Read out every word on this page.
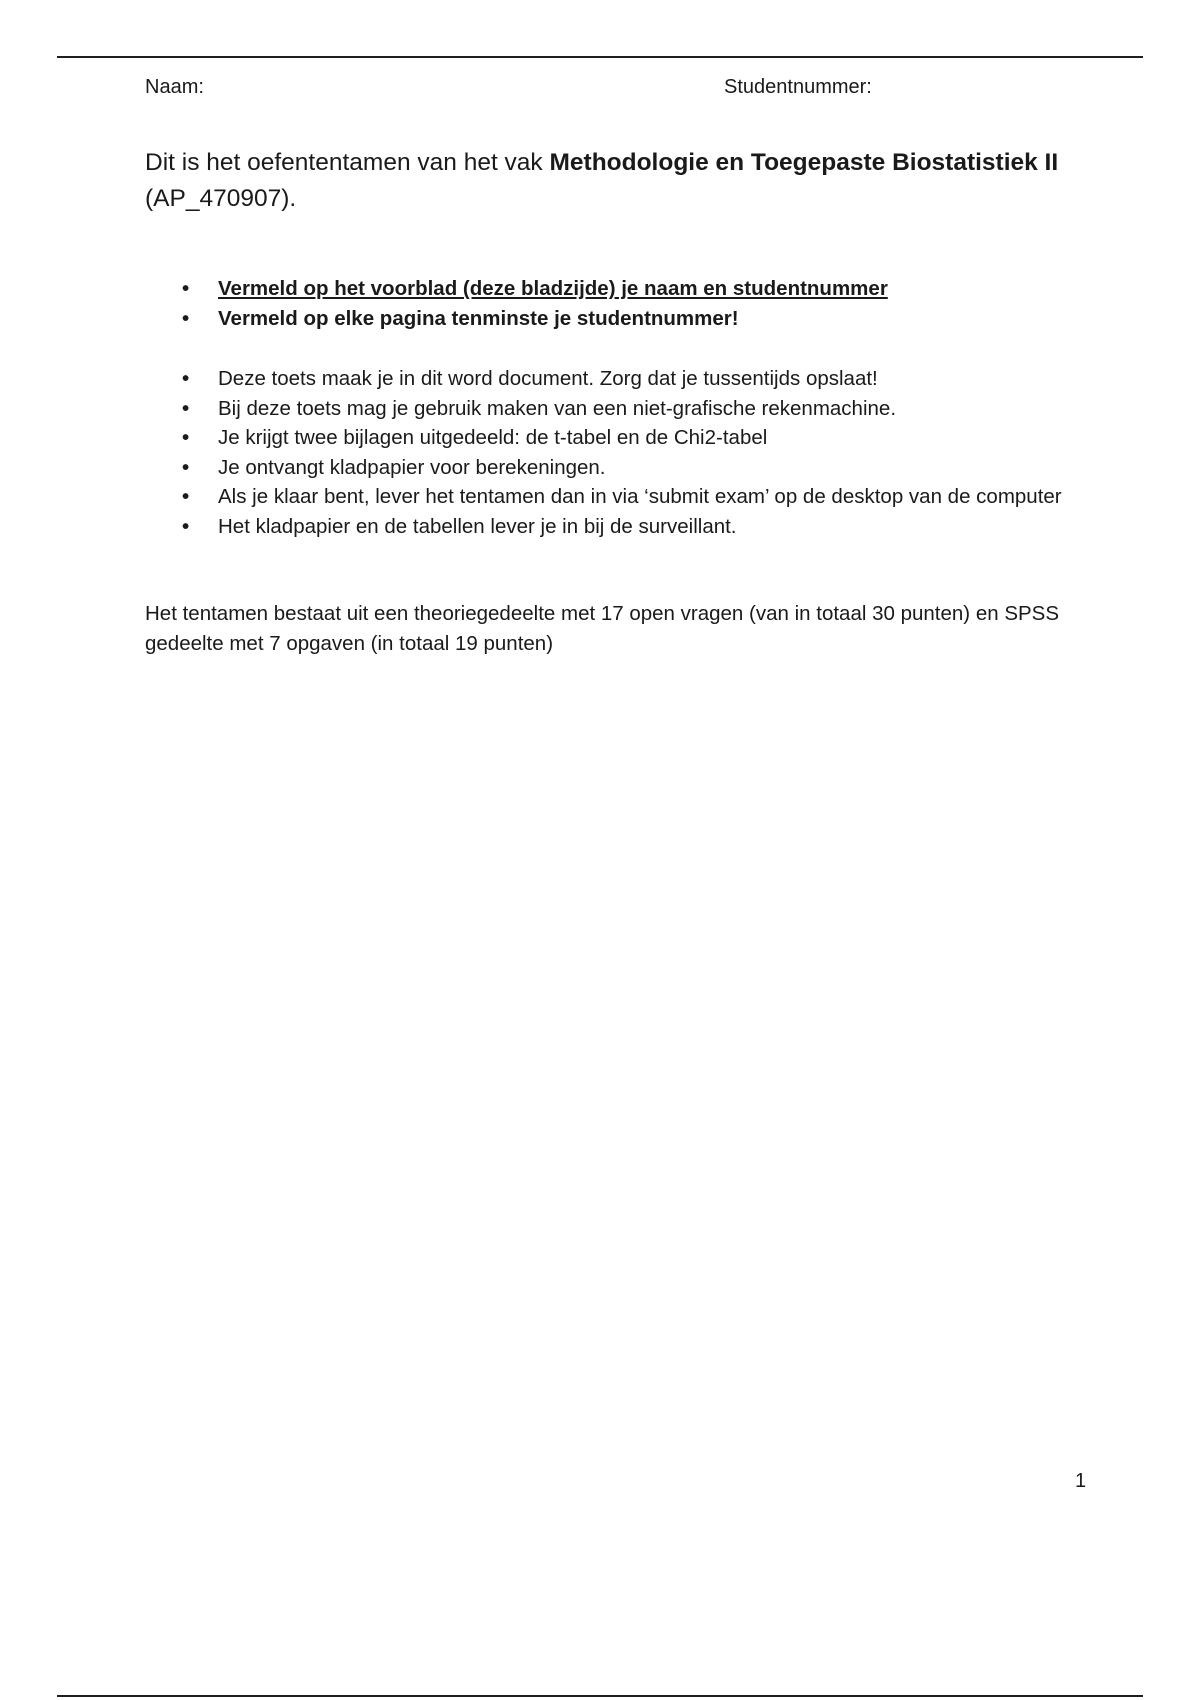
Naam:	Studentnummer:
Dit is het oefententamen van het vak Methodologie en Toegepaste Biostatistiek II (AP_470907).
• Vermeld op het voorblad (deze bladzijde) je naam en studentnummer
• Vermeld op elke pagina tenminste je studentnummer!
• Deze toets maak je in dit word document. Zorg dat je tussentijds opslaat!
• Bij deze toets mag je gebruik maken van een niet-grafische rekenmachine.
• Je krijgt twee bijlagen uitgedeeld: de t-tabel en de Chi2-tabel
• Je ontvangt kladpapier voor berekeningen.
• Als je klaar bent, lever het tentamen dan in via ‘submit exam’ op de desktop van de computer
• Het kladpapier en de tabellen lever je in bij de surveillant.
Het tentamen bestaat uit een theoriegedeelte met 17 open vragen (van in totaal 30 punten) en SPSS gedeelte met 7 opgaven (in totaal 19 punten)
1
